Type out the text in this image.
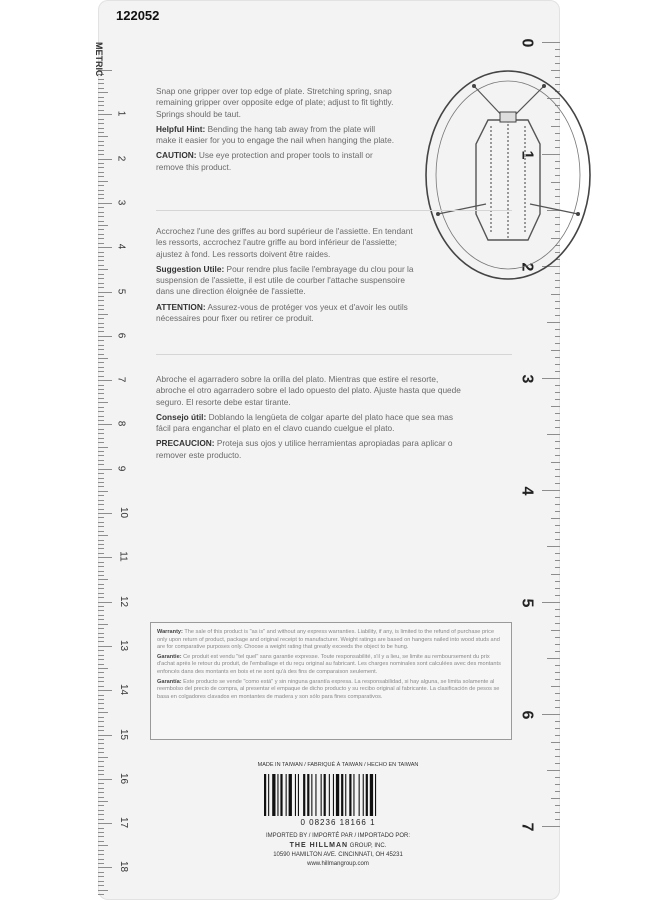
122052
1
2
3
4
5
6
7
8
9
10
11
12
13
14
15
16
17
18
METRIC	0
1
2
3
4
5
6
7

Snap one gripper over top edge of plate. Stretching spring, snap remaining gripper over opposite edge of plate; adjust to fit tightly. Springs should be taut.

Helpful Hint: Bending the hang tab away from the plate will make it easier for you to engage the nail when hanging the plate.

CAUTION: Use eye protection and proper tools to install or remove this product.

Accrochez l'une des griffes au bord supérieur de l'assiette. En tendant les ressorts, accrochez l'autre griffe au bord inférieur de l'assiette; ajustez à fond. Les ressorts doivent être raides.

Suggestion Utile: Pour rendre plus facile l'embrayage du clou pour la suspension de l'assiette, il est utile de courber l'attache suspensoire dans une direction éloignée de l'assiette.

ATTENTION: Assurez-vous de protéger vos yeux et d'avoir les outils nécessaires pour fixer ou retirer ce produit.

Abroche el agarradero sobre la orilla del plato. Mientras que estire el resorte, abroche el otro agarradero sobre el lado opuesto del plato. Ajuste hasta que quede seguro. El resorte debe estar tirante.

Consejo útil: Doblando la lengüeta de colgar aparte del plato hace que sea mas fácil para enganchar el plato en el clavo cuando cuelgue el plato.

PRECAUCION: Proteja sus ojos y utilice herramientas apropiadas para aplicar o remover este producto.

Warranty: The sale of this product is "as is" and without any express warranties. Liability, if any, is limited to the refund of purchase price only upon return of product, package and original receipt to manufacturer. Weight ratings are based on hangers nailed into wood studs and are for comparative purposes only. Choose a weight rating that greatly exceeds the object to be hung.

Garantie: Ce produit est vendu "tel quel" sans garantie expresse. Toute responsabilité, s'il y a lieu, se limite au remboursement du prix d'achat après le retour du produit, de l'emballage et du reçu original au fabricant. Les charges nominales sont calculées avec des montants enfoncés dans des montants en bois et ne sont qu'à des fins de comparaison seulement.

Garantía: Este producto se vende "como está" y sin ninguna garantía expresa. La responsabilidad, si hay alguna, se limita solamente al reembolso del precio de compra, al presentar el empaque de dicho producto y su recibo original al fabricante. La clasificación de pesos se basa en colgadores clavados en montantes de madera y son sólo para fines comparativos.

MADE IN TAIWAN / FABRIQUÉ À TAIWAN / HECHO EN TAIWAN
0 08236 18166 1
IMPORTED BY / IMPORTÉ PAR / IMPORTADO POR:
THE HILLMAN GROUP, INC.
10590 HAMILTON AVE. CINCINNATI, OH 45231
www.hillmangroup.com
